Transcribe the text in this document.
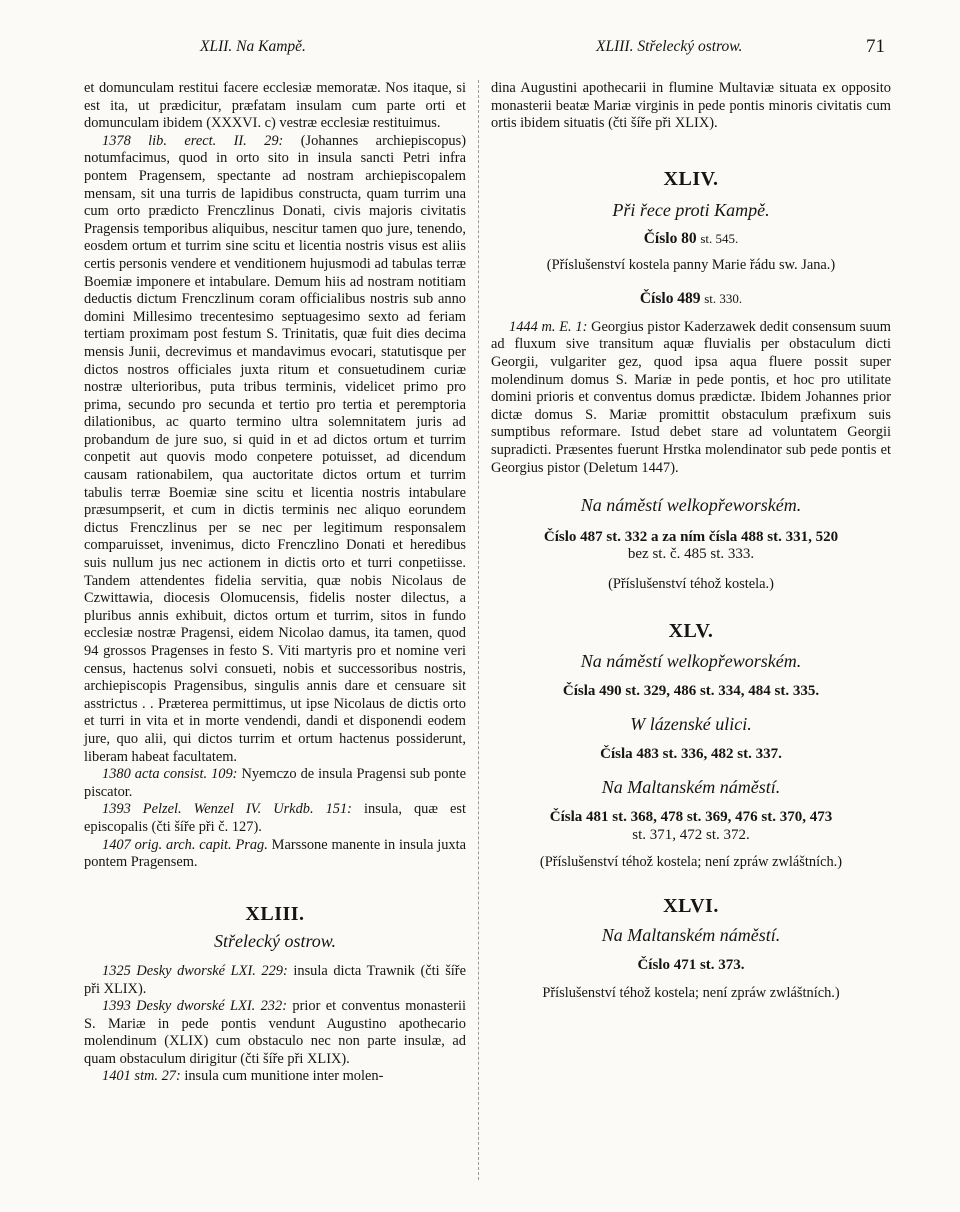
XLII. Na Kampě.	XLIII. Střelecký ostrow.	71

et domunculam restitui facere ecclesiæ memoratæ. Nos itaque, si est ita, ut prædicitur, præfatam insulam cum parte orti et domunculam ibidem (XXXVI. c) vestræ ecclesiæ restituimus.

1378 lib. erect. II. 29: (Johannes archiepiscopus) notumfacimus, quod in orto sito in insula sancti Petri infra pontem Pragensem, spectante ad nostram archiepiscopalem mensam, sit una turris de lapidibus constructa, quam turrim una cum orto prædicto Frenczlinus Donati, civis majoris civitatis Pragensis temporibus aliquibus, nescitur tamen quo jure, tenendo, eosdem ortum et turrim sine scitu et licentia nostris visus est aliis certis personis vendere et venditionem hujusmodi ad tabulas terræ Boemiæ imponere et intabulare. Demum hiis ad nostram notitiam deductis dictum Frenczlinum coram officialibus nostris sub anno domini Millesimo trecentesimo septuagesimo sexto ad feriam tertiam proximam post festum S. Trinitatis, quæ fuit dies decima mensis Junii, decrevimus et mandavimus evocari, statutisque per dictos nostros officiales juxta ritum et consuetudinem curiæ nostræ ulterioribus, puta tribus terminis, videlicet primo pro prima, secundo pro secunda et tertio pro tertia et peremptoria dilationibus, ac quarto termino ultra solemnitatem juris ad probandum de jure suo, si quid in et ad dictos ortum et turrim conpetit aut quovis modo conpetere potuisset, ad dicendum causam rationabilem, qua auctoritate dictos ortum et turrim tabulis terræ Boemiæ sine scitu et licentia nostris intabulare præsumpserit, et cum in dictis terminis nec aliquo eorundem dictus Frenczlinus per se nec per legitimum responsalem comparuisset, invenimus, dicto Frenczlino Donati et heredibus suis nullum jus nec actionem in dictis orto et turri conpetiisse. Tandem attendentes fidelia servitia, quæ nobis Nicolaus de Czwittawia, diocesis Olomucensis, fidelis noster dilectus, a pluribus annis exhibuit, dictos ortum et turrim, sitos in fundo ecclesiæ nostræ Pragensi, eidem Nicolao damus, ita tamen, quod 94 grossos Pragenses in festo S. Viti martyris pro et nomine veri census, hactenus solvi consueti, nobis et successoribus nostris, archiepiscopis Pragensibus, singulis annis dare et censuare sit asstrictus . . Præterea permittimus, ut ipse Nicolaus de dictis orto et turri in vita et in morte vendendi, dandi et disponendi eodem jure, quo alii, qui dictos turrim et ortum hactenus possiderunt, liberam habeat facultatem.

1380 acta consist. 109: Nyemczo de insula Pragensi sub ponte piscator.

1393 Pelzel. Wenzel IV. Urkdb. 151: insula, quæ est episcopalis (čti šíře při č. 127).

1407 orig. arch. capit. Prag. Marssone manente in insula juxta pontem Pragensem.

XLIII.
Střelecký ostrow.

1325 Desky dworské LXI. 229: insula dicta Trawnik (čti šíře při XLIX).

1393 Desky dworské LXI. 232: prior et conventus monasterii S. Mariæ in pede pontis vendunt Augustino apothecario molendinum (XLIX) cum obstaculo nec non parte insulæ, ad quam obstaculum dirigitur (čti šíře při XLIX).

1401 stm. 27: insula cum munitione inter molen-

dina Augustini apothecarii in flumine Multaviæ situata ex opposito monasterii beatæ Mariæ virginis in pede pontis minoris civitatis cum ortis ibidem situatis (čti šíře při XLIX).

XLIV.
Při řece proti Kampě.
Číslo 80 st. 545.
(Příslušenství kostela panny Marie řádu sw. Jana.)
Číslo 489 st. 330.

1444 m. E. 1: Georgius pistor Kaderzawek dedit consensum suum ad fluxum sive transitum aquæ fluvialis per obstaculum dicti Georgii, vulgariter gez, quod ipsa aqua fluere possit super molendinum domus S. Mariæ in pede pontis, et hoc pro utilitate domini prioris et conventus domus prædictæ. Ibidem Johannes prior dictæ domus S. Mariæ promittit obstaculum præfixum suis sumptibus reformare. Istud debet stare ad voluntatem Georgii supradicti. Præsentes fuerunt Hrstka molendinator sub pede pontis et Georgius pistor (Deletum 1447).

Na náměstí welkopřeworském.
Číslo 487 st. 332 a za ním čísla 488 st. 331, 520
bez st. č. 485 st. 333.
(Příslušenství téhož kostela.)
XLV.
Na náměstí welkopřeworském.
Čísla 490 st. 329, 486 st. 334, 484 st. 335.
W lázenské ulici.
Čísla 483 st. 336, 482 st. 337.
Na Maltanském náměstí.
Čísla 481 st. 368, 478 st. 369, 476 st. 370, 473
st. 371, 472 st. 372.
(Příslušenství téhož kostela; není zpráw zwláštních.)
XLVI.
Na Maltanském náměstí.
Číslo 471 st. 373.
Příslušenství téhož kostela; není zpráw zwláštních.)
